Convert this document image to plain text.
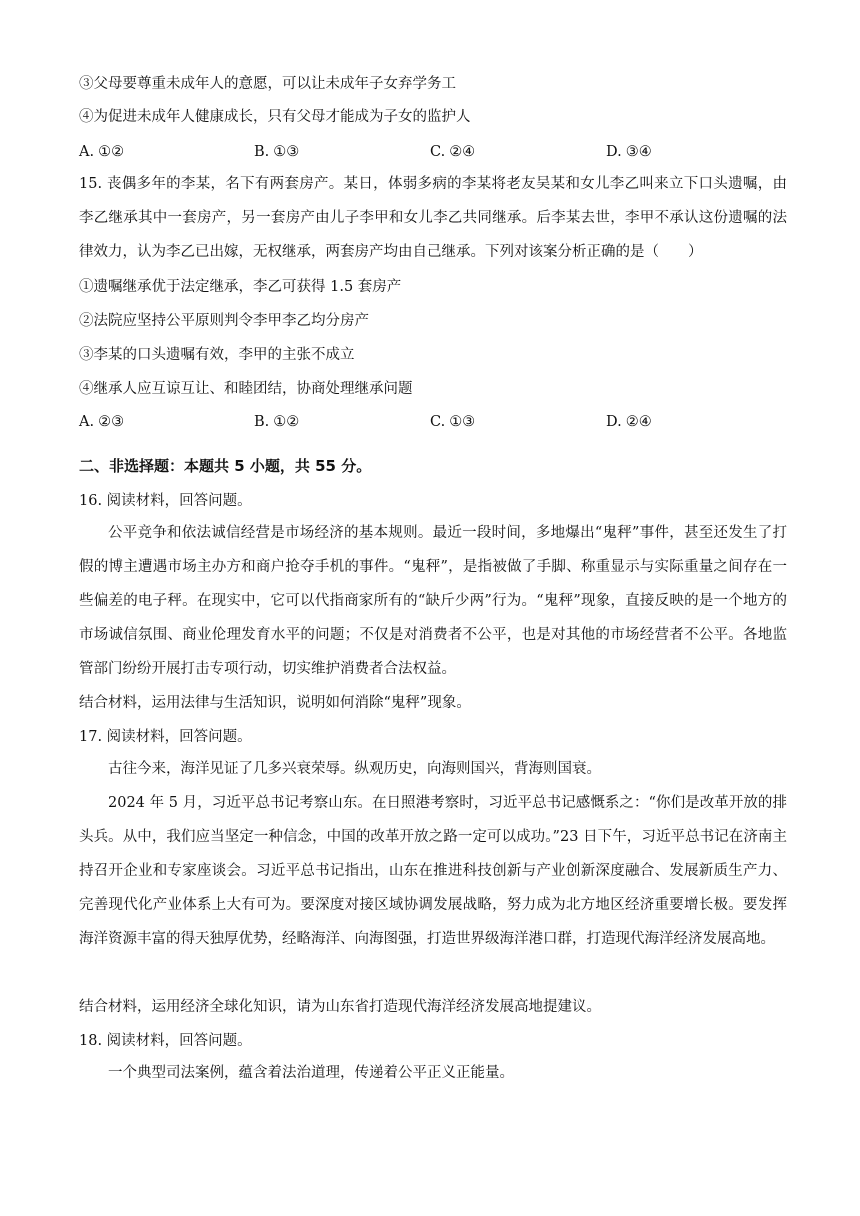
③父母要尊重未成年人的意愿，可以让未成年子女弃学务工
④为促进未成年人健康成长，只有父母才能成为子女的监护人
A. ①②	B. ①③	C. ②④	D. ③④
15. 丧偶多年的李某，名下有两套房产。某日，体弱多病的李某将老友吴某和女儿李乙叫来立下口头遗嘱，由李乙继承其中一套房产，另一套房产由儿子李甲和女儿李乙共同继承。后李某去世，李甲不承认这份遗嘱的法律效力，认为李乙已出嫁，无权继承，两套房产均由自己继承。下列对该案分析正确的是（　　）
①遗嘱继承优于法定继承，李乙可获得 1.5 套房产
②法院应坚持公平原则判令李甲李乙均分房产
③李某的口头遗嘱有效，李甲的主张不成立
④继承人应互谅互让、和睦团结，协商处理继承问题
A. ②③	B. ①②	C. ①③	D. ②④
二、非选择题：本题共 5 小题，共 55 分。
16. 阅读材料，回答问题。
公平竞争和依法诚信经营是市场经济的基本规则。最近一段时间，多地爆出“鬼秤”事件，甚至还发生了打假的博主遭遇市场主办方和商户抢夺手机的事件。“鬼秤”，是指被做了手脚、称重显示与实际重量之间存在一些偏差的电子秤。在现实中，它可以代指商家所有的“缺斤少两”行为。“鬼秤”现象，直接反映的是一个地方的市场诚信氛围、商业伦理发育水平的问题；不仅是对消费者不公平，也是对其他的市场经营者不公平。各地监管部门纷纷开展打击专项行动，切实维护消费者合法权益。
结合材料，运用法律与生活知识，说明如何消除“鬼秤”现象。
17. 阅读材料，回答问题。
古往今来，海洋见证了几多兴衰荣辱。纵观历史，向海则国兴，背海则国衰。
2024 年 5 月，习近平总书记考察山东。在日照港考察时，习近平总书记感慨系之：“你们是改革开放的排头兵。从中，我们应当坚定一种信念，中国的改革开放之路一定可以成功。”23 日下午，习近平总书记在济南主持召开企业和专家座谈会。习近平总书记指出，山东在推进科技创新与产业创新深度融合、发展新质生产力、完善现代化产业体系上大有可为。要深度对接区域协调发展战略，努力成为北方地区经济重要增长极。要发挥海洋资源丰富的得天独厚优势，经略海洋、向海图强，打造世界级海洋港口群，打造现代海洋经济发展高地。
结合材料，运用经济全球化知识，请为山东省打造现代海洋经济发展高地提建议。
18. 阅读材料，回答问题。
一个典型司法案例，蕴含着法治道理，传递着公平正义正能量。
